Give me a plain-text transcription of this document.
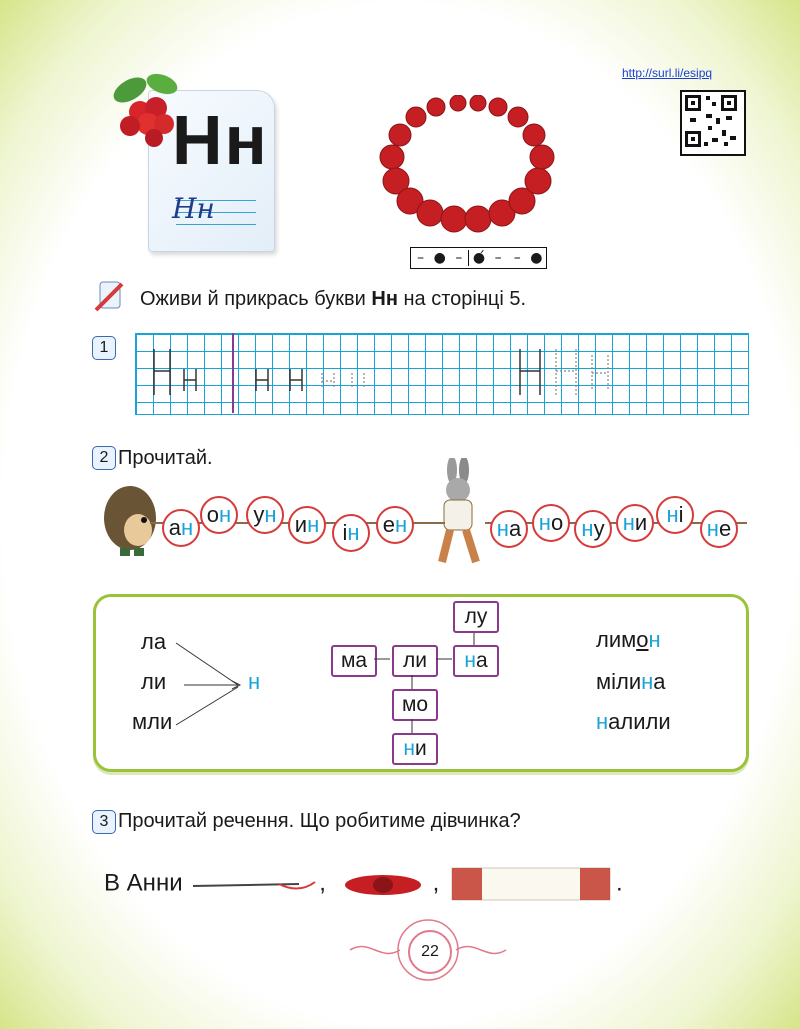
Нн
Нн
– ● – ●́ – – ●
http://surl.li/esipq
Оживи й прикрась букви Нн на сторінці 5.
1
2 Прочитай.
а н
о н у н и н і н е н	н а н о н у н и н і
н е
ла
ли
мли
н
лу
ма	ли	на
мо
ни
лимон
мілина
налили
3 Прочитай речення. Що робитиме дівчинка?
В Анни	,	,	.
22
